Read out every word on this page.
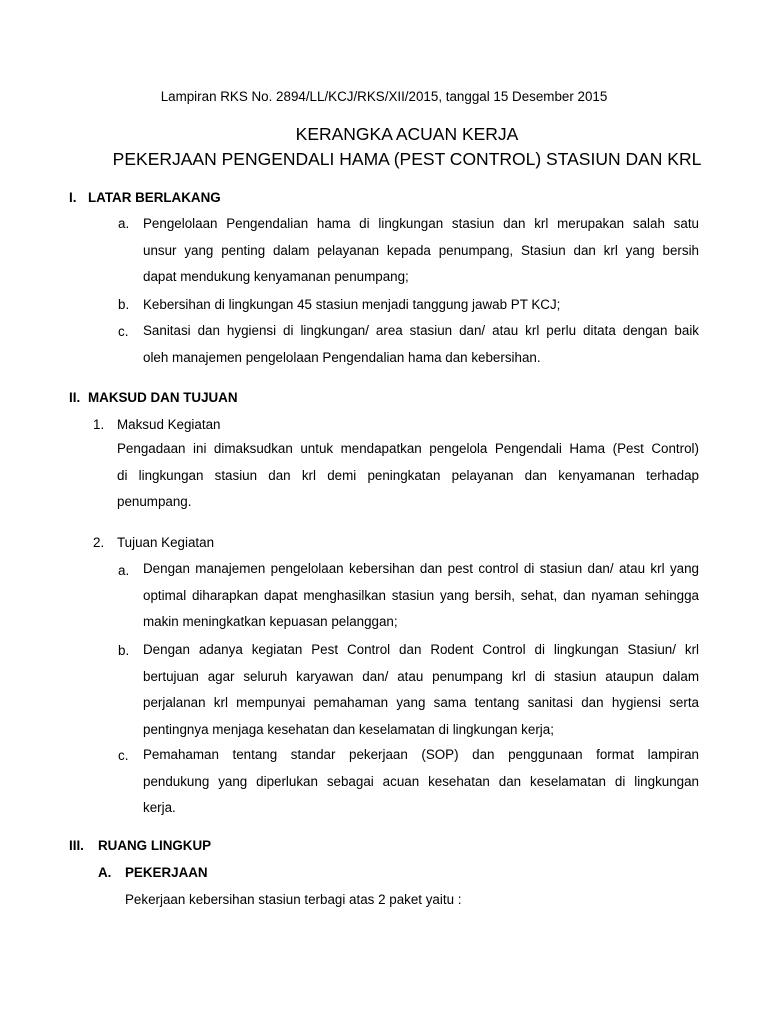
Lampiran RKS No. 2894/LL/KCJ/RKS/XII/2015, tanggal 15 Desember 2015
KERANGKA ACUAN KERJA
PEKERJAAN PENGENDALI HAMA (PEST CONTROL) STASIUN DAN KRL
I. LATAR BERLAKANG
a. Pengelolaan Pengendalian hama di lingkungan stasiun dan krl merupakan salah satu
unsur yang penting dalam pelayanan kepada penumpang, Stasiun dan krl yang bersih
dapat mendukung kenyamanan penumpang;
b. Kebersihan di lingkungan 45 stasiun menjadi tanggung jawab PT KCJ;
c. Sanitasi dan hygiensi di lingkungan/ area stasiun dan/ atau krl perlu ditata dengan baik
oleh manajemen pengelolaan Pengendalian hama dan kebersihan.
II. MAKSUD DAN TUJUAN
1. Maksud Kegiatan
Pengadaan ini dimaksudkan untuk mendapatkan pengelola Pengendali Hama (Pest Control)
di lingkungan stasiun dan krl demi peningkatan pelayanan dan kenyamanan terhadap
penumpang.
2. Tujuan Kegiatan
a. Dengan manajemen pengelolaan kebersihan dan pest control di stasiun dan/ atau krl yang
optimal diharapkan dapat menghasilkan stasiun yang bersih, sehat, dan nyaman sehingga
makin meningkatkan kepuasan pelanggan;
b. Dengan adanya kegiatan Pest Control dan Rodent Control di lingkungan Stasiun/ krl
bertujuan agar seluruh karyawan dan/ atau penumpang krl di stasiun ataupun dalam
perjalanan krl mempunyai pemahaman yang sama tentang sanitasi dan hygiensi serta
pentingnya menjaga kesehatan dan keselamatan di lingkungan kerja;
c. Pemahaman tentang standar pekerjaan (SOP) dan penggunaan format lampiran
pendukung yang diperlukan sebagai acuan kesehatan dan keselamatan di lingkungan
kerja.
III. RUANG LINGKUP
A. PEKERJAAN
Pekerjaan kebersihan stasiun terbagi atas 2 paket yaitu :
